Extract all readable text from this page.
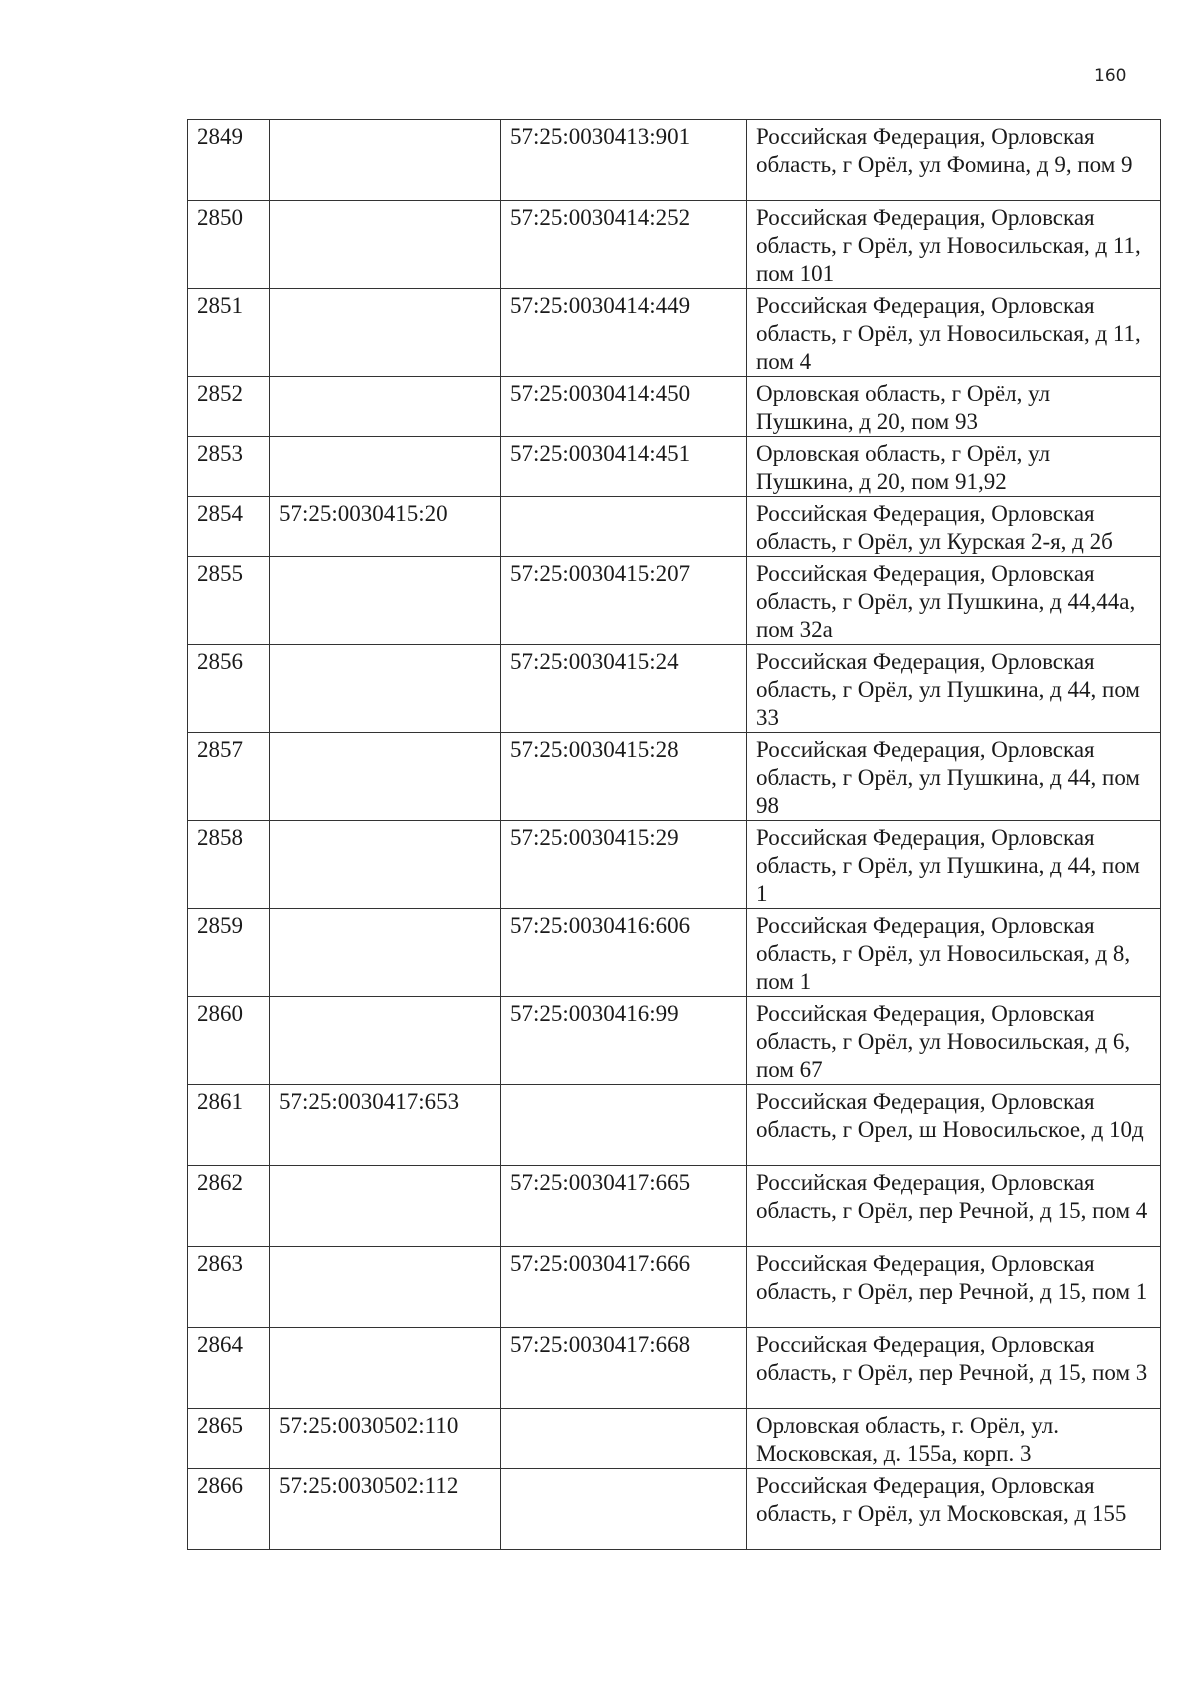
160
2849		57:25:0030413:901	Российская Федерация, Орловская область, г Орёл, ул Фомина, д 9, пом 9
2850		57:25:0030414:252	Российская Федерация, Орловская область, г Орёл, ул Новосильская, д 11, пом 101
2851		57:25:0030414:449	Российская Федерация, Орловская область, г Орёл, ул Новосильская, д 11, пом 4
2852		57:25:0030414:450	Орловская область, г Орёл, ул Пушкина, д 20, пом 93
2853		57:25:0030414:451	Орловская область, г Орёл, ул Пушкина, д 20, пом 91,92
2854	57:25:0030415:20		Российская Федерация, Орловская область, г Орёл, ул Курская 2-я, д 2б
2855		57:25:0030415:207	Российская Федерация, Орловская область, г Орёл, ул Пушкина, д 44,44а, пом 32а
2856		57:25:0030415:24	Российская Федерация, Орловская область, г Орёл, ул Пушкина, д 44, пом 33
2857		57:25:0030415:28	Российская Федерация, Орловская область, г Орёл, ул Пушкина, д 44, пом 98
2858		57:25:0030415:29	Российская Федерация, Орловская область, г Орёл, ул Пушкина, д 44, пом 1
2859		57:25:0030416:606	Российская Федерация, Орловская область, г Орёл, ул Новосильская, д 8, пом 1
2860		57:25:0030416:99	Российская Федерация, Орловская область, г Орёл, ул Новосильская, д 6, пом 67
2861	57:25:0030417:653		Российская Федерация, Орловская область, г Орел, ш Новосильское, д 10д
2862		57:25:0030417:665	Российская Федерация, Орловская область, г Орёл, пер Речной, д 15, пом 4
2863		57:25:0030417:666	Российская Федерация, Орловская область, г Орёл, пер Речной, д 15, пом 1
2864		57:25:0030417:668	Российская Федерация, Орловская область, г Орёл, пер Речной, д 15, пом 3
2865	57:25:0030502:110		Орловская область, г. Орёл, ул. Московская, д. 155а, корп. 3
2866	57:25:0030502:112		Российская Федерация, Орловская область, г Орёл, ул Московская, д 155
